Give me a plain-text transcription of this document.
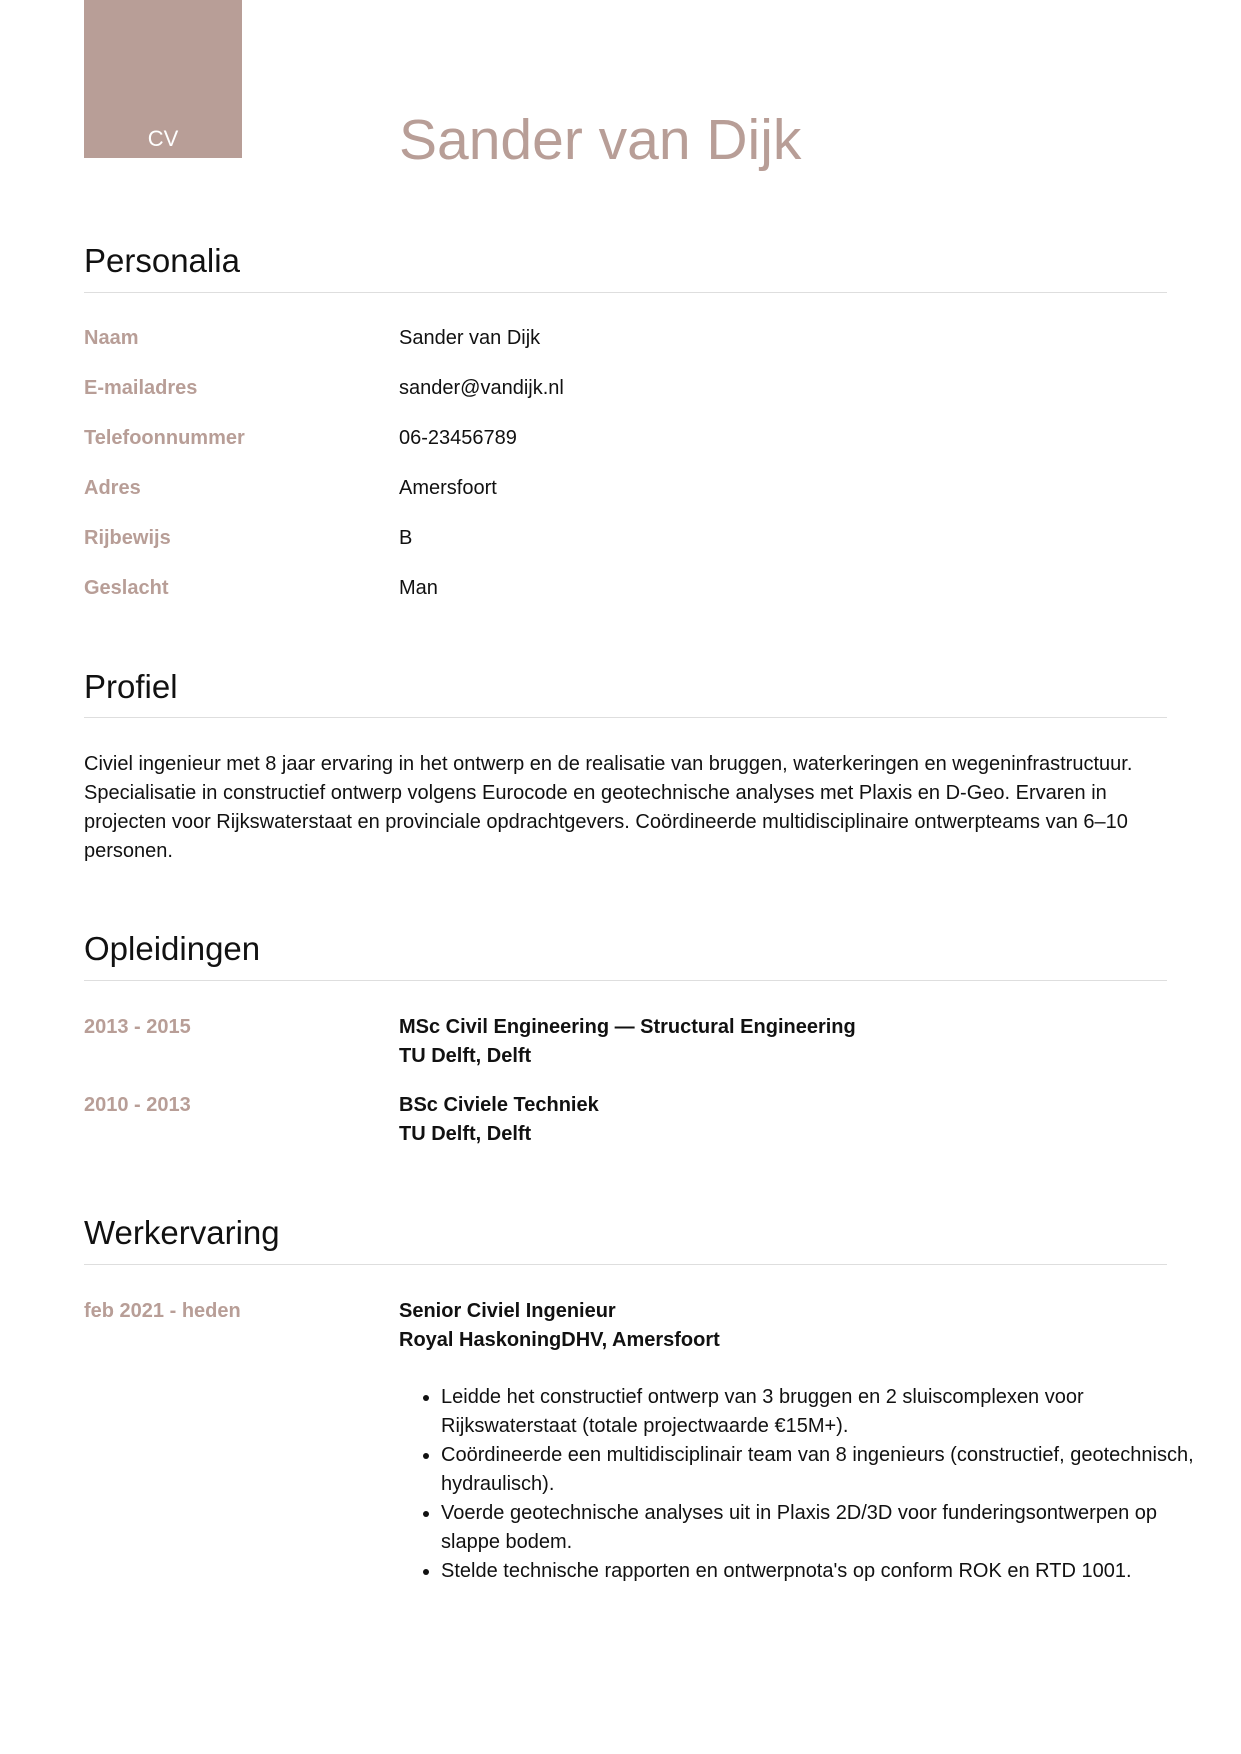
CV	Sander van Dijk
Personalia
Naam	Sander van Dijk
E-mailadres	sander@vandijk.nl
Telefoonnummer	06-23456789
Adres	Amersfoort
Rijbewijs	B
Geslacht	Man
Profiel

Civiel ingenieur met 8 jaar ervaring in het ontwerp en de realisatie van bruggen, waterkeringen en wegeninfrastructuur. Specialisatie in constructief ontwerp volgens Eurocode en geotechnische analyses met Plaxis en D-Geo. Ervaren in projecten voor Rijkswaterstaat en provinciale opdrachtgevers. Coördineerde multidisciplinaire ontwerpteams van 6–10 personen.

Opleidingen
2013 - 2015	MSc Civil Engineering — Structural Engineering
TU Delft, Delft
2010 - 2013	BSc Civiele Techniek
TU Delft, Delft
Werkervaring
feb 2021 - heden	Senior Civiel Ingenieur
Royal HaskoningDHV, Amersfoort
• Leidde het constructief ontwerp van 3 bruggen en 2 sluiscomplexen voor Rijkswaterstaat (totale projectwaarde €15M+).
• Coördineerde een multidisciplinair team van 8 ingenieurs (constructief, geotechnisch, hydraulisch).
• Voerde geotechnische analyses uit in Plaxis 2D/3D voor funderingsontwerpen op slappe bodem.
• Stelde technische rapporten en ontwerpnota's op conform ROK en RTD 1001.
